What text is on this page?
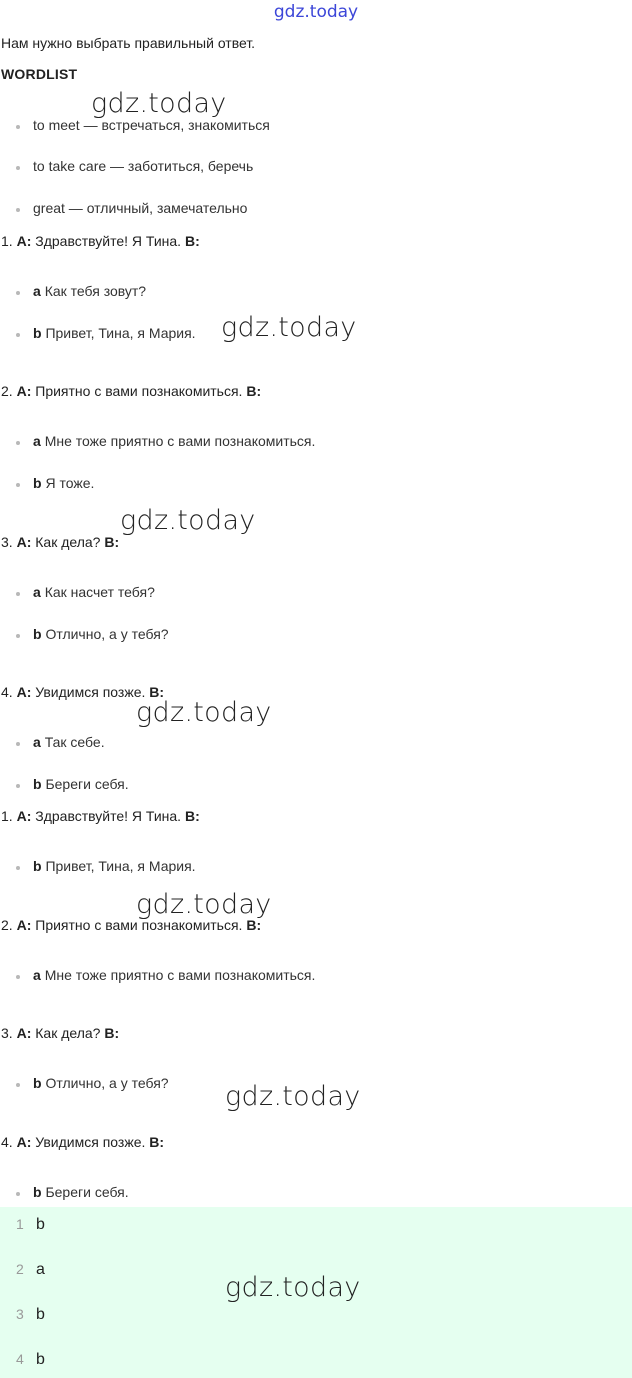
gdz.today
Нам нужно выбрать правильный ответ.
WORDLIST
to meet — встречаться, знакомиться
to take care — заботиться, беречь
great — отличный, замечательно
1. A: Здравствуйте! Я Тина. B:
a Как тебя зовут?
b Привет, Тина, я Мария.
2. A: Приятно с вами познакомиться. B:
a Мне тоже приятно с вами познакомиться.
b Я тоже.
3. A: Как дела? B:
a Как насчет тебя?
b Отлично, а у тебя?
4. A: Увидимся позже. B:
a Так себе.
b Береги себя.
1. A: Здравствуйте! Я Тина. B:
b Привет, Тина, я Мария.
2. A: Приятно с вами познакомиться. B:
a Мне тоже приятно с вами познакомиться.
3. A: Как дела? B:
b Отлично, а у тебя?
4. A: Увидимся позже. B:
b Береги себя.
1 b
2 a
3 b
4 b
gdz.today
gdz.today
gdz.today
gdz.today
gdz.today
gdz.today
gdz.today
